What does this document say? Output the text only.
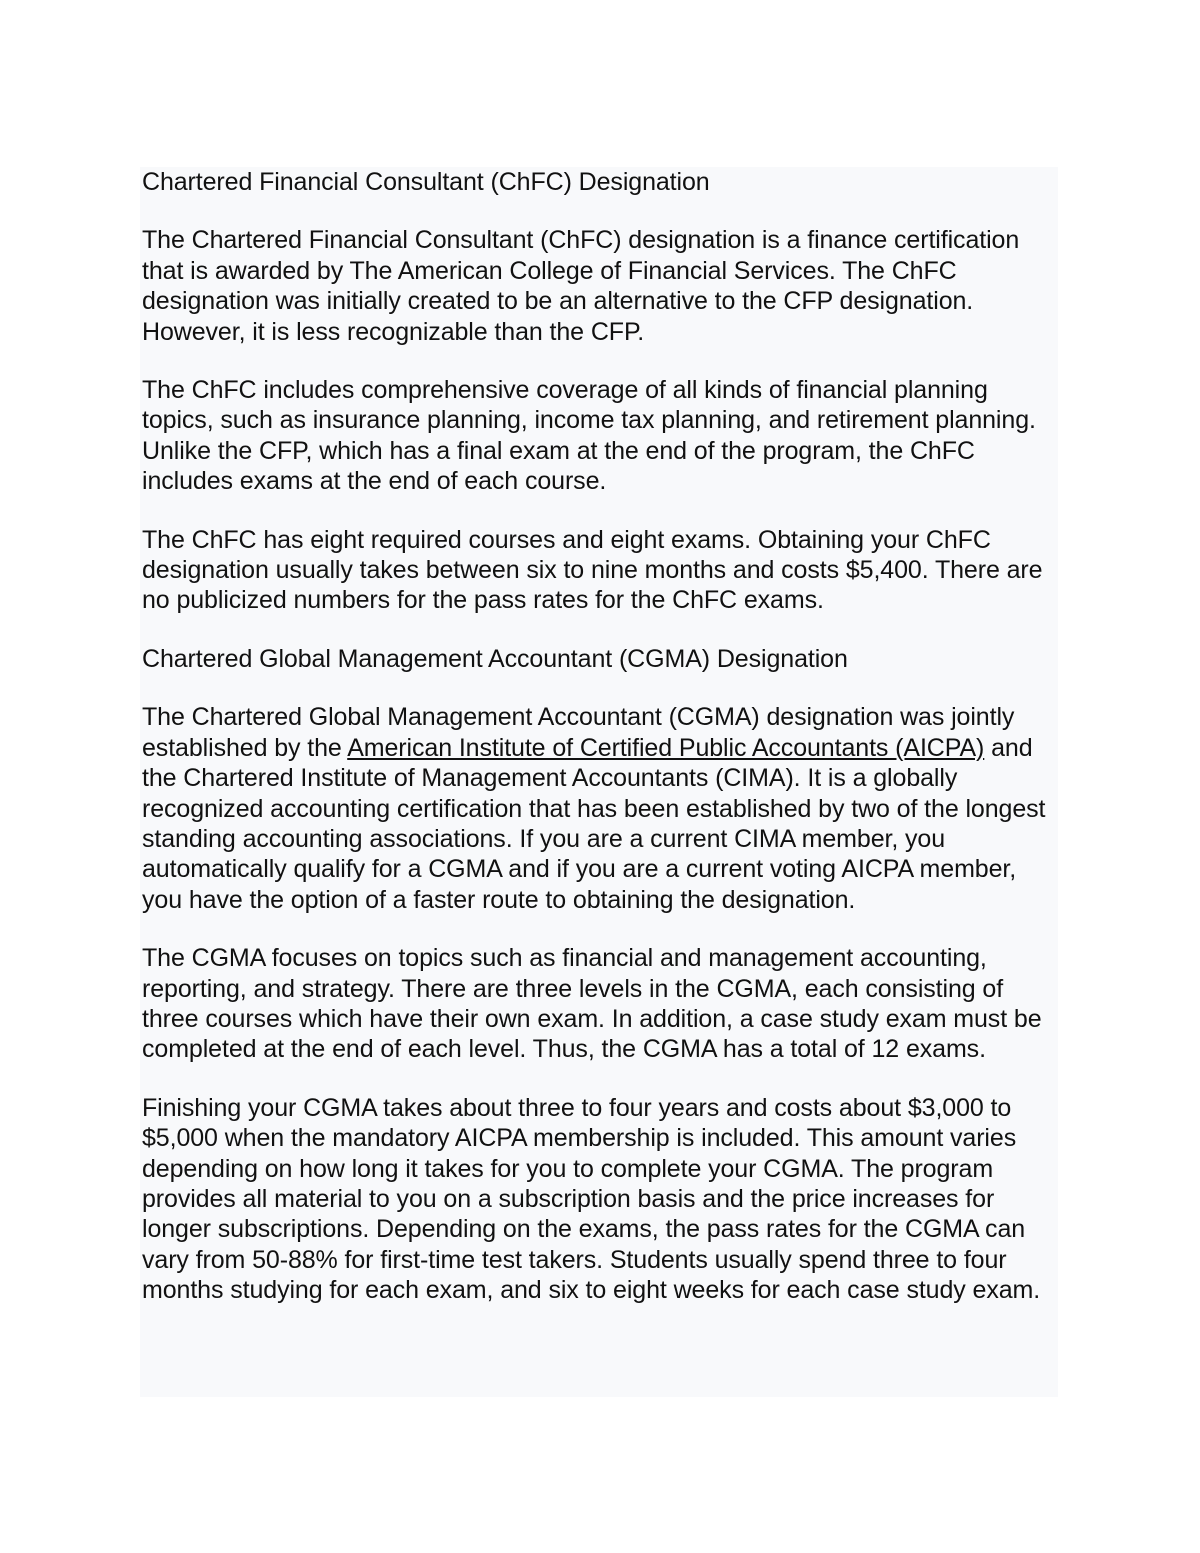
Chartered Financial Consultant (ChFC) Designation

The Chartered Financial Consultant (ChFC) designation is a finance certification that is awarded by The American College of Financial Services. The ChFC designation was initially created to be an alternative to the CFP designation. However, it is less recognizable than the CFP.

The ChFC includes comprehensive coverage of all kinds of financial planning topics, such as insurance planning, income tax planning, and retirement planning. Unlike the CFP, which has a final exam at the end of the program, the ChFC includes exams at the end of each course.

The ChFC has eight required courses and eight exams. Obtaining your ChFC designation usually takes between six to nine months and costs $5,400. There are no publicized numbers for the pass rates for the ChFC exams.

Chartered Global Management Accountant (CGMA) Designation

The Chartered Global Management Accountant (CGMA) designation was jointly established by the American Institute of Certified Public Accountants (AICPA) and the Chartered Institute of Management Accountants (CIMA). It is a globally recognized accounting certification that has been established by two of the longest standing accounting associations. If you are a current CIMA member, you automatically qualify for a CGMA and if you are a current voting AICPA member, you have the option of a faster route to obtaining the designation.

The CGMA focuses on topics such as financial and management accounting, reporting, and strategy. There are three levels in the CGMA, each consisting of three courses which have their own exam. In addition, a case study exam must be completed at the end of each level. Thus, the CGMA has a total of 12 exams.

Finishing your CGMA takes about three to four years and costs about $3,000 to $5,000 when the mandatory AICPA membership is included. This amount varies depending on how long it takes for you to complete your CGMA. The program provides all material to you on a subscription basis and the price increases for longer subscriptions. Depending on the exams, the pass rates for the CGMA can vary from 50-88% for first-time test takers. Students usually spend three to four months studying for each exam, and six to eight weeks for each case study exam.
